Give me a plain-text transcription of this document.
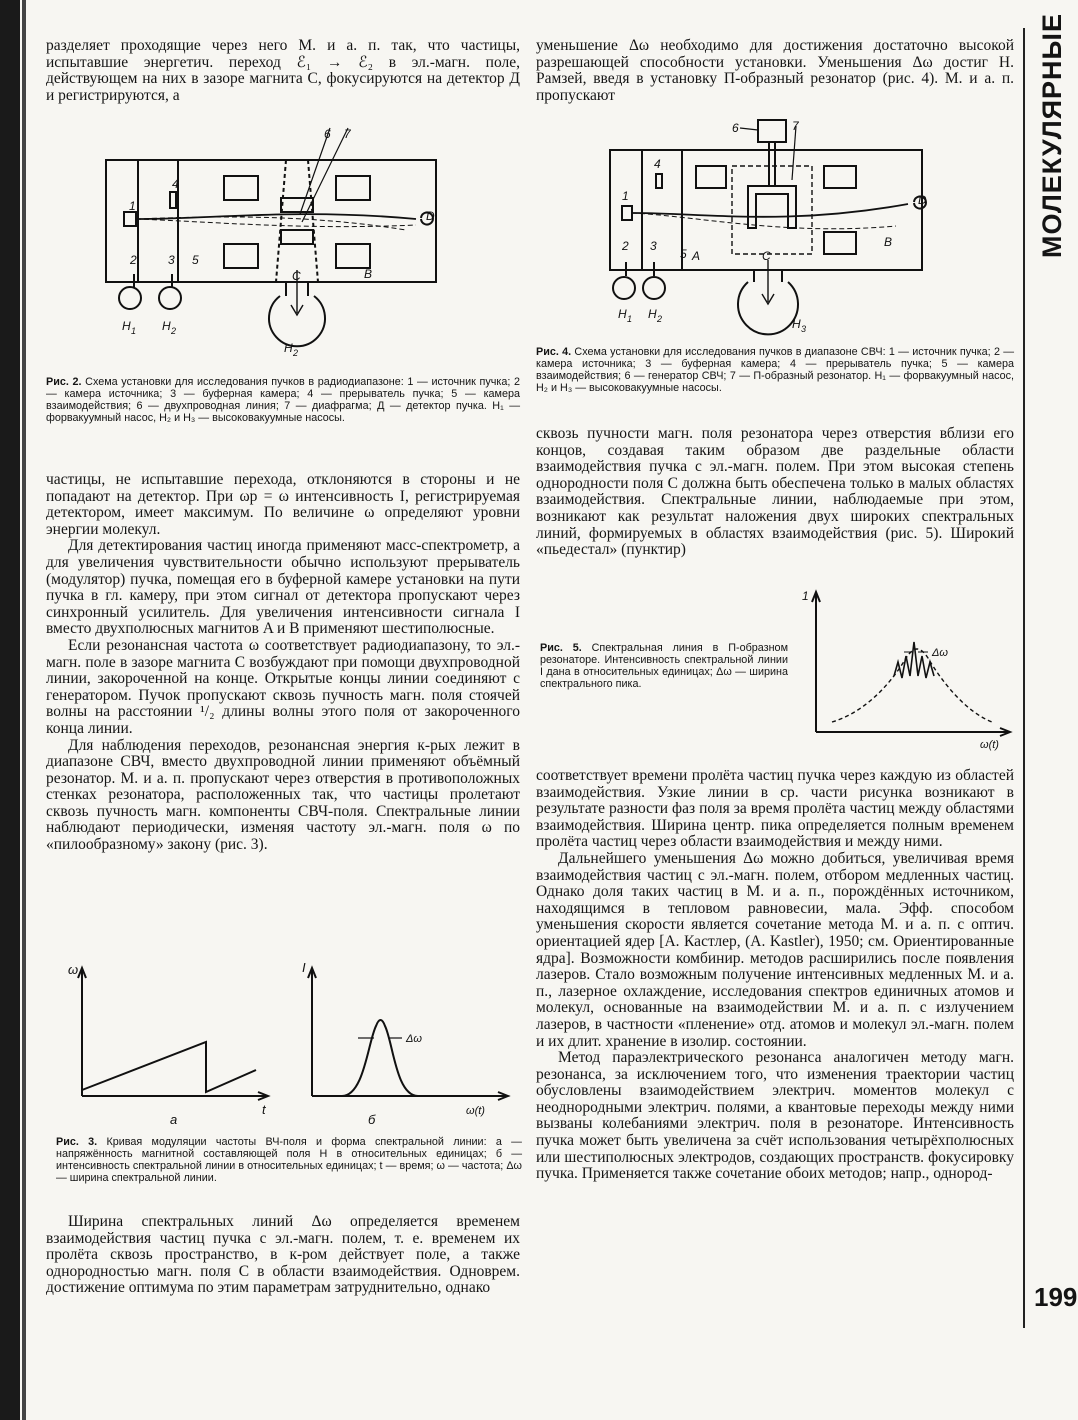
МОЛЕКУЛЯРНЫЕ
199

разделяет проходящие через него М. и а. п. так, что частицы, испытавшие энергетич. переход ℰ₁ → ℰ₂ в эл.-магн. поле, действующем на них в зазоре магнита C, фокусируются на детектор Д и регистрируются, а

1
4
2	3 5
6 7
C	B
D
H 1 H 2
H 2

Рис. 2. Схема установки для исследования пучков в радиодиапазоне: 1 — источник пучка; 2 — камера источника; 3 — буферная камера; 4 — прерыватель пучка; 5 — камера взаимодействия; 6 — двухпроводная линия; 7 — диафрагма; Д — детектор пучка. H₁ — форвакуумный насос, H₂ и H₃ — высоковакуумные насосы.

частицы, не испытавшие перехода, отклоняются в стороны и не попадают на детектор. При ωр = ω интенсивность I, регистрируемая детектором, имеет максимум. По величине ω определяют уровни энергии молекул.

Для детектирования частиц иногда применяют масс-спектрометр, а для увеличения чувствительности обычно используют прерыватель (модулятор) пучка, помещая его в буферной камере установки на пути пучка в гл. камеру, при этом сигнал от детектора пропускают через синхронный усилитель. Для увеличения интенсивности сигнала I вместо двухполюсных магнитов A и B применяют шестиполюсные.

Если резонансная частота ω соответствует радиодиапазону, то эл.-магн. поле в зазоре магнита C возбуждают при помощи двухпроводной линии, закороченной на конце. Открытые концы линии соединяют с генератором. Пучок пропускают сквозь пучность магн. поля стоячей волны на расстоянии ¹/₂ длины волны этого поля от закороченного конца линии.

Для наблюдения переходов, резонансная энергия к-рых лежит в диапазоне СВЧ, вместо двухпроводной линии применяют объёмный резонатор. М. и а. п. пропускают через отверстия в противоположных стенках резонатора, расположенных так, что частицы пролетают сквозь пучность магн. компоненты СВЧ-поля. Спектральные линии наблюдают периодически, изменяя частоту эл.-магн. поля ω по «пилообразному» закону (рис. 3).

ω
t
а
I
ω(t)
б
Δω

Рис. 3. Кривая модуляции частоты ВЧ-поля и форма спектральной линии: а — напряжённость магнитной составляющей поля H в относительных единицах; б — интенсивность спектральной линии в относительных единицах; t — время; ω — частота; Δω — ширина спектральной линии.

Ширина спектральных линий Δω определяется временем взаимодействия частиц пучка с эл.-магн. полем, т. е. временем их пролёта сквозь пространство, в к-ром действует поле, а также однородностью магн. поля C в области взаимодействия. Одноврем. достижение оптимума по этим параметрам затруднительно, однако

уменьшение Δω необходимо для достижения достаточно высокой разрешающей способности установки. Уменьшения Δω достиг Н. Рамзей, введя в установку П-образный резонатор (рис. 4). М. и а. п. пропускают

1
4
2 3
5 A
6	7
C
B
D
H 1 H 2	H 3

Рис. 4. Схема установки для исследования пучков в диапазоне СВЧ: 1 — источник пучка; 2 — камера источника; 3 — буферная камера; 4 — прерыватель пучка; 5 — камера взаимодействия; 6 — генератор СВЧ; 7 — П-образный резонатор. H₁ — форвакуумный насос, H₂ и H₃ — высоковакуумные насосы.

сквозь пучности магн. поля резонатора через отверстия вблизи его концов, создавая таким образом две раздельные области взаимодействия пучка с эл.-магн. полем. При этом высокая степень однородности поля C должна быть обеспечена только в малых областях взаимодействия. Спектральные линии, наблюдаемые при этом, возникают как результат наложения двух широких спектральных линий, формируемых в областях взаимодействия (рис. 5). Широкий «пьедестал» (пунктир)

Рис. 5. Спектральная линия в П-образном резонаторе. Интенсивность спектральной линии I дана в относительных единицах; Δω — ширина спектрального пика.

1
ω(t)
Δω

соответствует времени пролёта частиц пучка через каждую из областей взаимодействия. Узкие линии в ср. части рисунка возникают в результате разности фаз поля за время пролёта частиц между областями взаимодействия. Ширина центр. пика определяется полным временем пролёта частиц через области взаимодействия и между ними.

Дальнейшего уменьшения Δω можно добиться, увеличивая время взаимодействия частиц с эл.-магн. полем, отбором медленных частиц. Однако доля таких частиц в М. и а. п., порождённых источником, находящимся в тепловом равновесии, мала. Эфф. способом уменьшения скорости является сочетание метода М. и а. п. с оптич. ориентацией ядер [А. Кастлер, (A. Kastler), 1950; см. Ориентированные ядра]. Возможности комбинир. методов расширились после появления лазеров. Стало возможным получение интенсивных медленных М. и а. п., лазерное охлаждение, исследования спектров единичных атомов и молекул, основанные на взаимодействии М. и а. п. с излучением лазеров, в частности «пленение» отд. атомов и молекул эл.-магн. полем и их длит. хранение в изолир. состоянии.

Метод параэлектрического резонанса аналогичен методу магн. резонанса, за исключением того, что изменения траектории частиц обусловлены взаимодействием электрич. моментов молекул с неоднородными электрич. полями, а квантовые переходы между ними вызваны колебаниями электрич. поля в резонаторе. Интенсивность пучка может быть увеличена за счёт использования четырёхполюсных или шестиполюсных электродов, создающих пространств. фокусировку пучка. Применяется также сочетание обоих методов; напр., однород-
